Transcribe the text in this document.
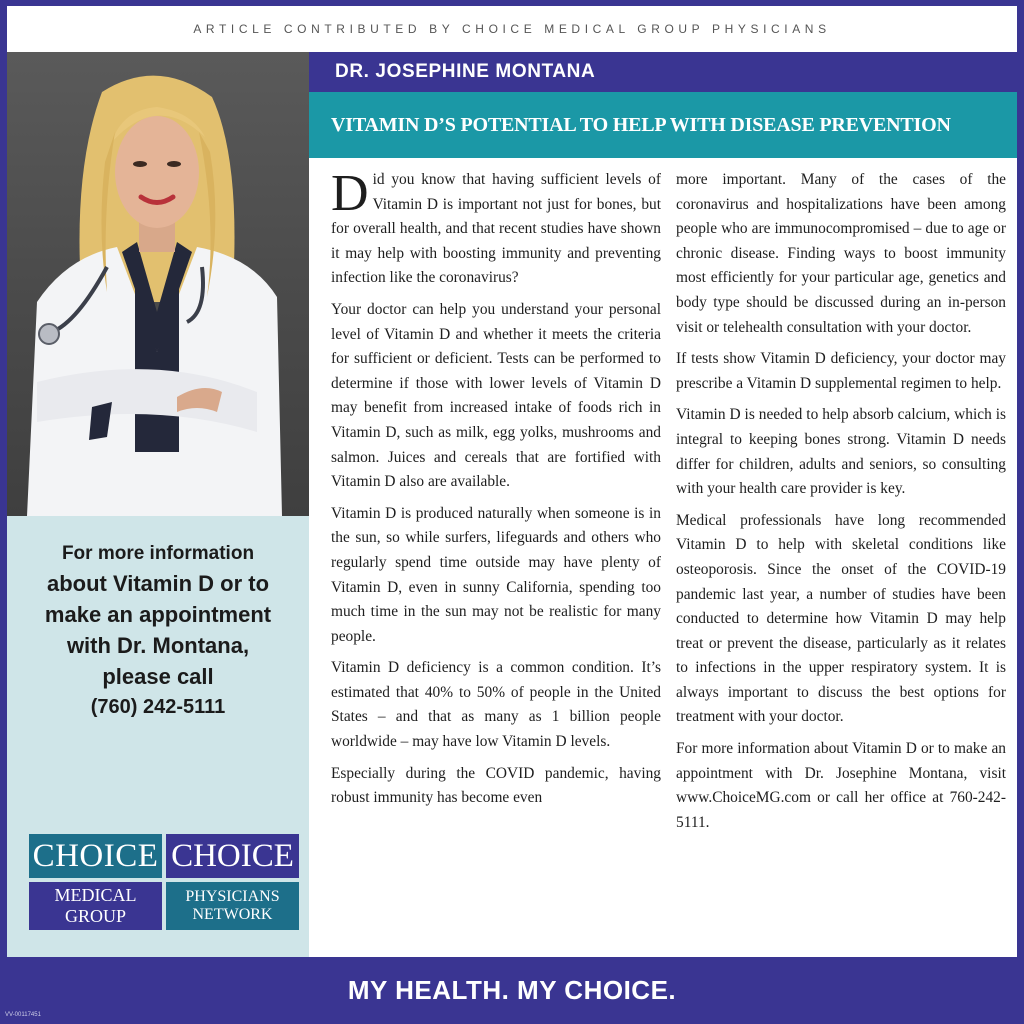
ARTICLE CONTRIBUTED BY CHOICE MEDICAL GROUP PHYSICIANS
For more information
about Vitamin D or to
make an appointment
with Dr. Montana,
please call
(760) 242-5111
CHOICE CHOICE
MEDICAL GROUP
PHYSICIANS
NETWORK
DR. JOSEPHINE MONTANA
VITAMIN D’S POTENTIAL TO HELP WITH DISEASE PREVENTION

Did you know that having sufficient levels of Vitamin D is important not just for bones, but for overall health, and that recent studies have shown it may help with boosting immunity and preventing infection like the coronavirus?

Your doctor can help you understand your personal level of Vitamin D and whether it meets the criteria for sufficient or deficient. Tests can be performed to determine if those with lower levels of Vitamin D may benefit from increased intake of foods rich in Vitamin D, such as milk, egg yolks, mushrooms and salmon. Juices and cereals that are fortified with Vitamin D also are available.

Vitamin D is produced naturally when someone is in the sun, so while surfers, lifeguards and others who regularly spend time outside may have plenty of Vitamin D, even in sunny California, spending too much time in the sun may not be realistic for many people.

Vitamin D deficiency is a common condition. It’s estimated that 40% to 50% of people in the United States – and that as many as 1 billion people worldwide – may have low Vitamin D levels.

Especially during the COVID pandemic, having robust immunity has become even

more important. Many of the cases of the coronavirus and hospitalizations have been among people who are immunocompromised – due to age or chronic disease. Finding ways to boost immunity most efficiently for your particular age, genetics and body type should be discussed during an in-person visit or telehealth consultation with your doctor.

If tests show Vitamin D deficiency, your doctor may prescribe a Vitamin D supplemental regimen to help.

Vitamin D is needed to help absorb calcium, which is integral to keeping bones strong. Vitamin D needs differ for children, adults and seniors, so consulting with your health care provider is key.

Medical professionals have long recommended Vitamin D to help with skeletal conditions like osteoporosis. Since the onset of the COVID-19 pandemic last year, a number of studies have been conducted to determine how Vitamin D may help treat or prevent the disease, particularly as it relates to infections in the upper respiratory system. It is always important to discuss the best options for treatment with your doctor.

For more information about Vitamin D or to make an appointment with Dr. Josephine Montana, visit www.ChoiceMG.com or call her office at 760-242-5111.

MY HEALTH. MY CHOICE.
VV-00117451
